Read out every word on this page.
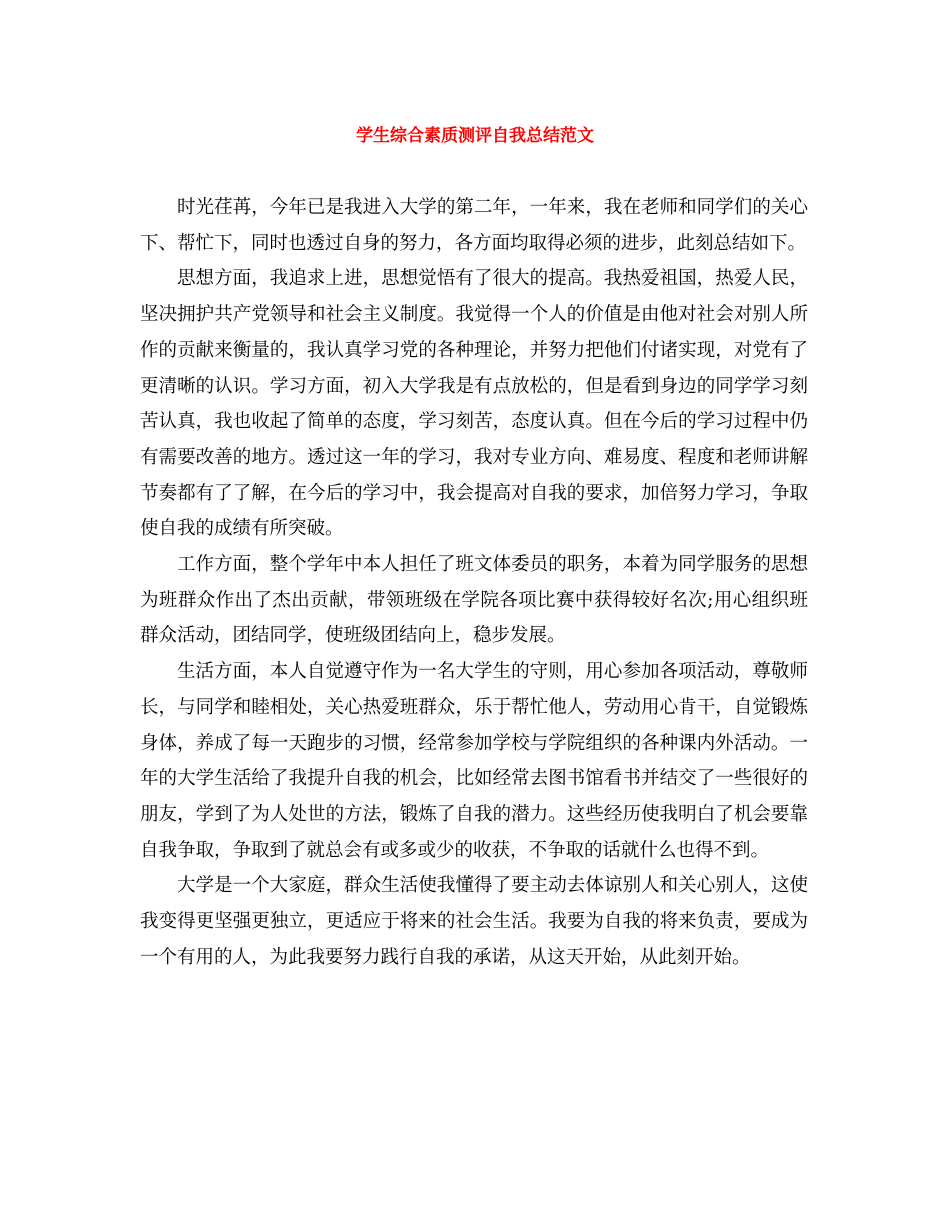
学生综合素质测评自我总结范文

时光荏苒，今年已是我进入大学的第二年，一年来，我在老师和同学们的关心下、帮忙下，同时也透过自身的努力，各方面均取得必须的进步，此刻总结如下。

思想方面，我追求上进，思想觉悟有了很大的提高。我热爱祖国，热爱人民，坚决拥护共产党领导和社会主义制度。我觉得一个人的价值是由他对社会对别人所作的贡献来衡量的，我认真学习党的各种理论，并努力把他们付诸实现，对党有了更清晰的认识。学习方面，初入大学我是有点放松的，但是看到身边的同学学习刻苦认真，我也收起了简单的态度，学习刻苦，态度认真。但在今后的学习过程中仍有需要改善的地方。透过这一年的学习，我对专业方向、难易度、程度和老师讲解节奏都有了了解，在今后的学习中，我会提高对自我的要求，加倍努力学习，争取使自我的成绩有所突破。

工作方面，整个学年中本人担任了班文体委员的职务，本着为同学服务的思想为班群众作出了杰出贡献，带领班级在学院各项比赛中获得较好名次;用心组织班群众活动，团结同学，使班级团结向上，稳步发展。

生活方面，本人自觉遵守作为一名大学生的守则，用心参加各项活动，尊敬师长，与同学和睦相处，关心热爱班群众，乐于帮忙他人，劳动用心肯干，自觉锻炼身体，养成了每一天跑步的习惯，经常参加学校与学院组织的各种课内外活动。一年的大学生活给了我提升自我的机会，比如经常去图书馆看书并结交了一些很好的朋友，学到了为人处世的方法，锻炼了自我的潜力。这些经历使我明白了机会要靠自我争取，争取到了就总会有或多或少的收获，不争取的话就什么也得不到。

大学是一个大家庭，群众生活使我懂得了要主动去体谅别人和关心别人，这使我变得更坚强更独立，更适应于将来的社会生活。我要为自我的将来负责，要成为一个有用的人，为此我要努力践行自我的承诺，从这天开始，从此刻开始。
